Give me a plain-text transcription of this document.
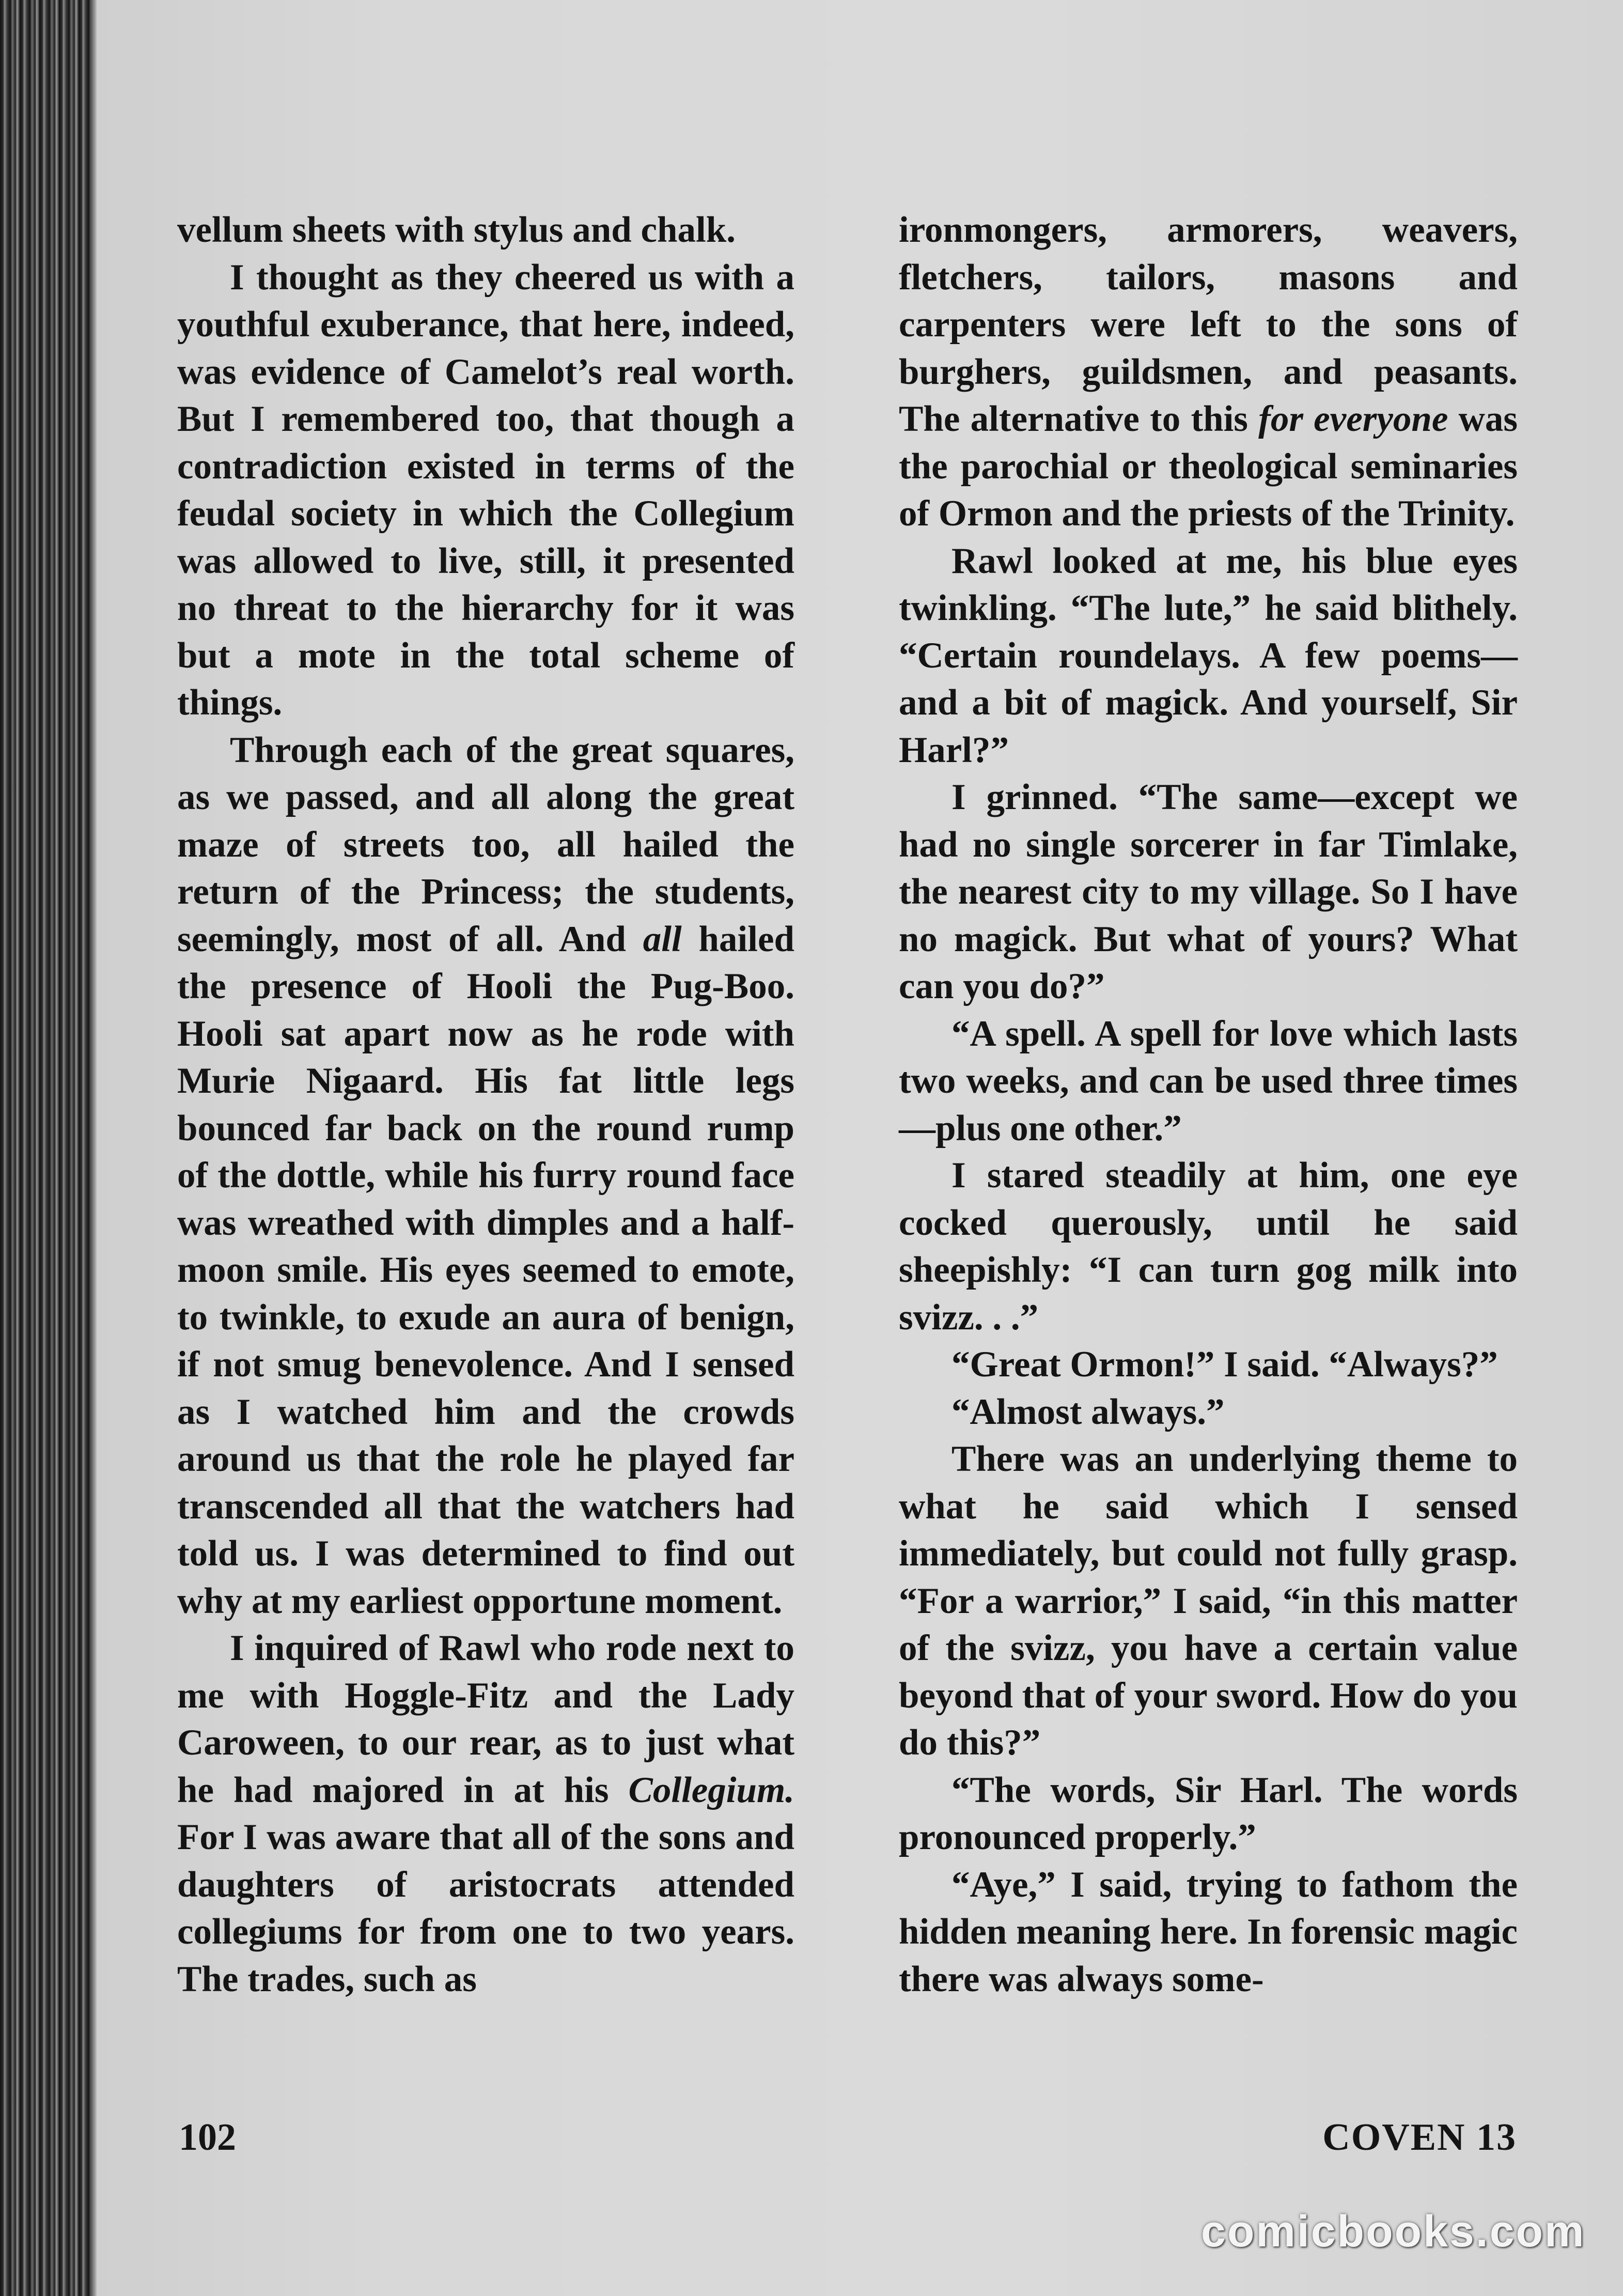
vellum sheets with stylus and chalk.

I thought as they cheered us with a youthful exuberance, that here, indeed, was evidence of Camelot’s real worth. But I remembered too, that though a contradiction existed in terms of the feudal society in which the Collegium was allowed to live, still, it presented no threat to the hierarchy for it was but a mote in the total scheme of things.

Through each of the great squares, as we passed, and all along the great maze of streets too, all hailed the return of the Princess; the students, seemingly, most of all. And all hailed the presence of Hooli the Pug-Boo. Hooli sat apart now as he rode with Murie Nigaard. His fat little legs bounced far back on the round rump of the dottle, while his furry round face was wreathed with dimples and a half-moon smile. His eyes seemed to emote, to twinkle, to exude an aura of benign, if not smug benevolence. And I sensed as I watched him and the crowds around us that the role he played far transcended all that the watchers had told us. I was determined to find out why at my earliest opportune moment.

I inquired of Rawl who rode next to me with Hoggle-Fitz and the Lady Caroween, to our rear, as to just what he had majored in at his Collegium. For I was aware that all of the sons and daughters of aristocrats attended collegiums for from one to two years. The trades, such as

ironmongers, armorers, weavers, fletchers, tailors, masons and carpenters were left to the sons of burghers, guildsmen, and peasants. The alternative to this for everyone was the parochial or theological seminaries of Ormon and the priests of the Trinity.

Rawl looked at me, his blue eyes twinkling. “The lute,” he said blithely. “Certain roundelays. A few poems—and a bit of magick. And yourself, Sir Harl?”

I grinned. “The same—except we had no single sorcerer in far Timlake, the nearest city to my village. So I have no magick. But what of yours? What can you do?”

“A spell. A spell for love which lasts two weeks, and can be used three times—plus one other.”

I stared steadily at him, one eye cocked querously, until he said sheepishly: “I can turn gog milk into svizz. . .”

“Great Ormon!” I said. “Always?”

“Almost always.”

There was an underlying theme to what he said which I sensed immediately, but could not fully grasp. “For a warrior,” I said, “in this matter of the svizz, you have a certain value beyond that of your sword. How do you do this?”

“The words, Sir Harl. The words pronounced properly.”

“Aye,” I said, trying to fathom the hidden meaning here. In forensic magic there was always some-

102	COVEN 13
comicbooks.com
